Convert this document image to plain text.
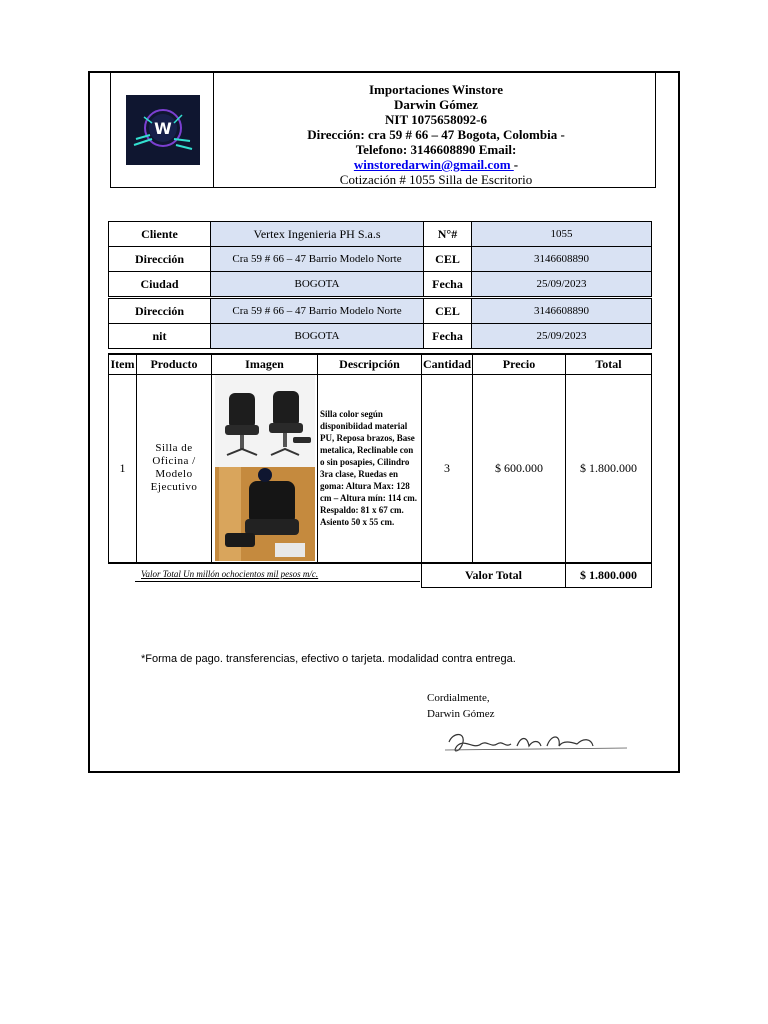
W
Importaciones Winstore
Darwin Gómez
NIT 1075658092-6
Dirección: cra 59 # 66 – 47 Bogota, Colombia -
Telefono: 3146608890 Email:
winstoredarwin@gmail.com -
Cotización # 1055 Silla de Escritorio
Cliente	Vertex Ingenieria PH S.a.s	N°#	1055
Dirección	Cra 59 # 66 – 47 Barrio Modelo Norte	CEL	3146608890
Ciudad	BOGOTA	Fecha	25/09/2023
Dirección	Cra 59 # 66 – 47 Barrio Modelo Norte	CEL	3146608890
nit	BOGOTA	Fecha	25/09/2023
Item	Producto	Imagen	Descripción	Cantidad	Precio	Total
1	Silla de Oficina / Modelo Ejecutivo		Silla color según disponibiidad material PU, Reposa brazos, Base metalica, Reclinable con o sin posapies, Cilindro 3ra clase, Ruedas en goma: Altura Max: 128 cm – Altura mín: 114 cm. Respaldo: 81 x 67 cm. Asiento 50 x 55 cm.	3	$ 600.000	$ 1.800.000
Valor Total Un millón ochocientos mil pesos m/c.	Valor Total	$ 1.800.000
*Forma de pago. transferencias, efectivo o tarjeta. modalidad contra entrega.
Cordialmente,
Darwin Gómez
